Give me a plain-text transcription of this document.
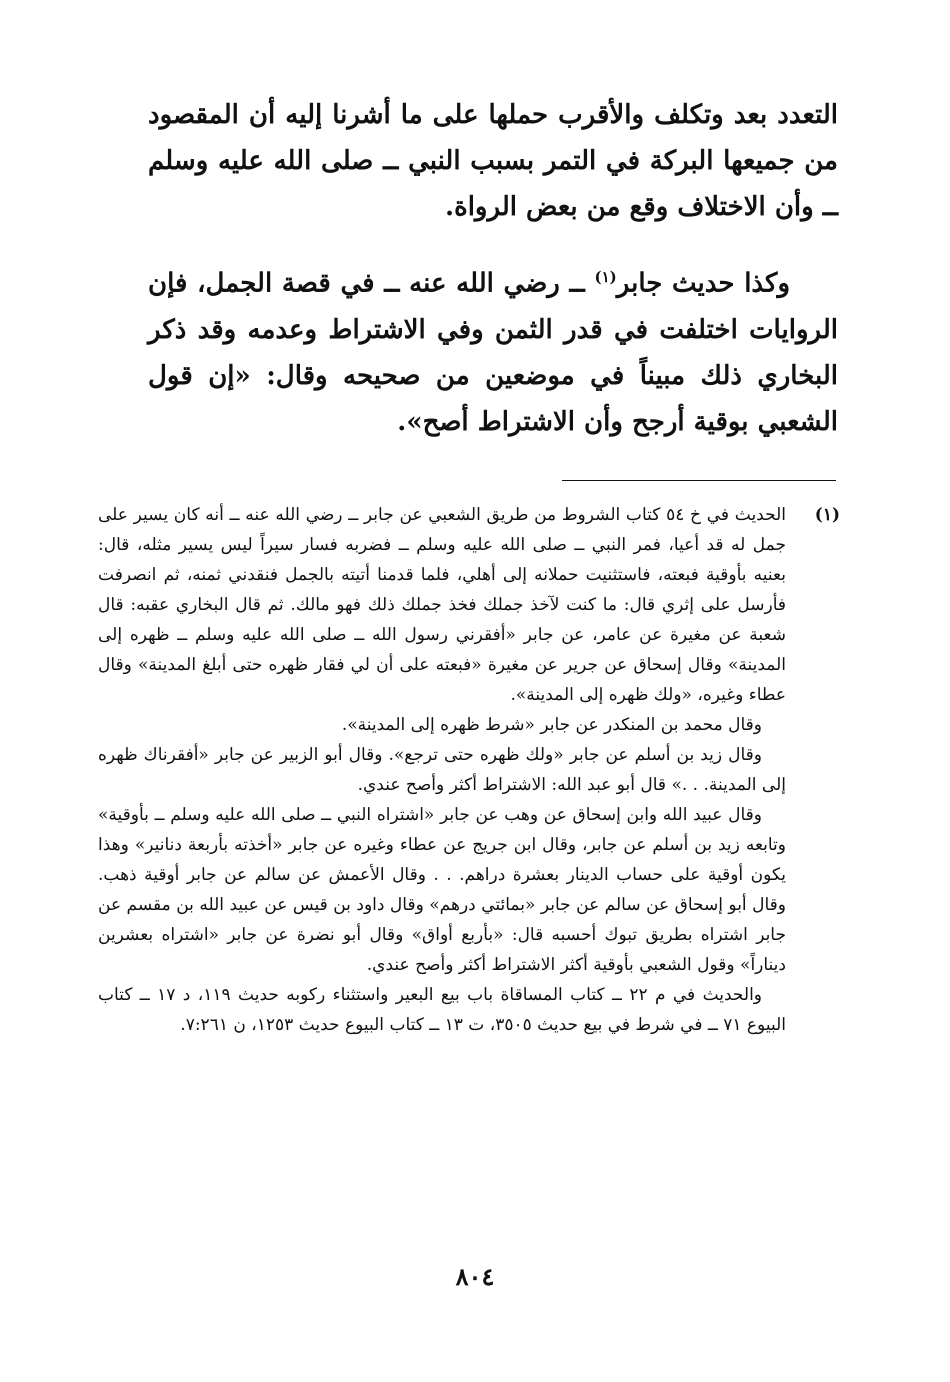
التعدد بعد وتكلف والأقرب حملها على ما أشرنا إليه أن المقصود من جميعها البركة في التمر بسبب النبي ــ صلى الله عليه وسلم ــ وأن الاختلاف وقع من بعض الرواة.

وكذا حديث جابر$^{(١)}$ ــ رضي الله عنه ــ في قصة الجمل، فإن الروايات اختلفت في قدر الثمن وفي الاشتراط وعدمه وقد ذكر البخاري ذلك مبيناً في موضعين من صحيحه وقال: «إن قول الشعبي بوقية أرجح وأن الاشتراط أصح».

(١)
الحديث في خ ٥٤ كتاب الشروط من طريق الشعبي عن جابر ــ رضي الله عنه ــ أنه كان يسير على جمل له قد أعيا، فمر النبي ــ صلى الله عليه وسلم ــ فضربه فسار سيراً ليس يسير مثله، قال: بعنيه بأوقية فبعته، فاستثنيت حملانه إلى أهلي، فلما قدمنا أتيته بالجمل فنقدني ثمنه، ثم انصرفت فأرسل على إثري قال: ما كنت لآخذ جملك فخذ جملك ذلك فهو مالك. ثم قال البخاري عقبه: قال شعبة عن مغيرة عن عامر، عن جابر «أفقرني رسول الله ــ صلى الله عليه وسلم ــ ظهره إلى المدينة» وقال إسحاق عن جرير عن مغيرة «فبعته على أن لي فقار ظهره حتى أبلغ المدينة» وقال عطاء وغيره، «ولك ظهره إلى المدينة».

وقال محمد بن المنكدر عن جابر «شرط ظهره إلى المدينة».

وقال زيد بن أسلم عن جابر «ولك ظهره حتى ترجع». وقال أبو الزبير عن جابر «أفقرناك ظهره إلى المدينة. . .» قال أبو عبد الله: الاشتراط أكثر وأصح عندي.

وقال عبيد الله وابن إسحاق عن وهب عن جابر «اشتراه النبي ــ صلى الله عليه وسلم ــ بأوقية» وتابعه زيد بن أسلم عن جابر، وقال ابن جريج عن عطاء وغيره عن جابر «أخذته بأربعة دنانير» وهذا يكون أوقية على حساب الدينار بعشرة دراهم. . . وقال الأعمش عن سالم عن جابر أوقية ذهب. وقال أبو إسحاق عن سالم عن جابر «بمائتي درهم» وقال داود بن قيس عن عبيد الله بن مقسم عن جابر اشتراه بطريق تبوك أحسبه قال: «بأربع أواق» وقال أبو نضرة عن جابر «اشتراه بعشرين ديناراً» وقول الشعبي بأوقية أكثر الاشتراط أكثر وأصح عندي.

والحديث في م ٢٢ ــ كتاب المساقاة باب بيع البعير واستثناء ركوبه حديث ١١٩، د ١٧ ــ كتاب البيوع ٧١ ــ في شرط في بيع حديث ٣٥٠٥، ت ١٣ ــ كتاب البيوع حديث ١٢٥٣، ن ٧:٢٦١.

٨٠٤
